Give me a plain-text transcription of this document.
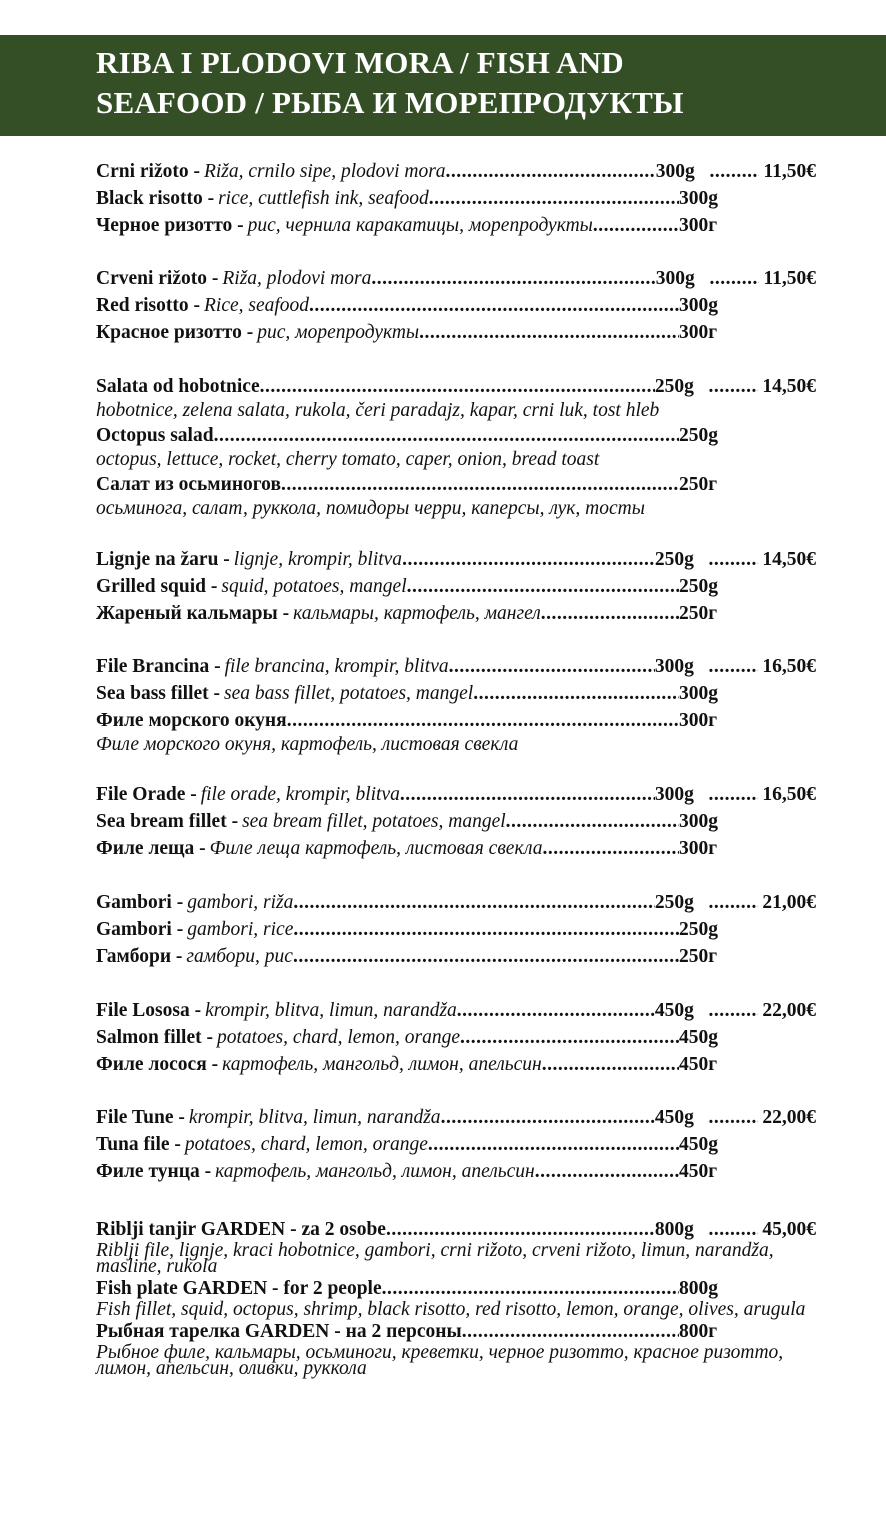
RIBA I PLODOVI MORA / FISH AND
SEAFOOD / РЫБА И МОРЕПРОДУКТЫ
Crni rižoto - Riža, crnilo sipe, plodovi mora .....	300g .....	11,50€
Black risotto - rice, cuttlefish ink, seafood .....	300g
Черное ризотто - рис, чернила каракатицы, морепродукты .....	300г
Crveni rižoto - Riža, plodovi mora .....	300g .....	11,50€
Red risotto - Rice, seafood .....	300g
Красное ризотто - рис, морепродукты .....	300г
Salata od hobotnice .....	250g .....	14,50€

hobotnice, zelena salata, rukola, čeri paradajz, kapar, crni luk, tost hleb

Octopus salad .....	250g

octopus, lettuce, rocket, cherry tomato, caper, onion, bread toast

Салат из осьминогов .....	250г

осьминога, салат, руккола, помидоры черри, каперсы, лук, тосты

Lignje na žaru - lignje, krompir, blitva .....	250g .....	14,50€
Grilled squid - squid, potatoes, mangel .....	250g
Жареный кальмары - кальмары, картофель, мангел .....	250г
File Brancina - file brancina, krompir, blitva .....	300g .....	16,50€
Sea bass fillet - sea bass fillet, potatoes, mangel .....	300g
Филе морского окуня .....	300г

Филе морского окуня, картофель, листовая свекла

File Orade - file orade, krompir, blitva .....	300g .....	16,50€
Sea bream fillet - sea bream fillet, potatoes, mangel .....	300g
Филе леща - Филе леща картофель, листовая свекла .....	300г
Gambori - gambori, riža .....	250g .....	21,00€
Gambori - gambori, rice .....	250g
Гамбори - гамбори, рис .....	250г
File Lososa - krompir, blitva, limun, narandža .....	450g .....	22,00€
Salmon fillet - potatoes, chard, lemon, orange .....	450g
Филе лосося - картофель, мангольд, лимон, апельсин .....	450г
File Tune - krompir, blitva, limun, narandža .....	450g .....	22,00€
Tuna file - potatoes, chard, lemon, orange .....	450g
Филе тунца - картофель, мангольд, лимон, апельсин .....	450г
Riblji tanjir GARDEN - za 2 osobe .....	800g .....	45,00€

Riblji file, lignje, kraci hobotnice, gambori, crni rižoto, crveni rižoto, limun, narandža, masline, rukola

Fish plate GARDEN - for 2 people .....	800g

Fish fillet, squid, octopus, shrimp, black risotto, red risotto, lemon, orange, olives, arugula

Рыбная тарелка GARDEN - на 2 персоны .....	800г

Рыбное филе, кальмары, осьминоги, креветки, черное ризотто, красное ризотто, лимон, апельсин, оливки, руккола
